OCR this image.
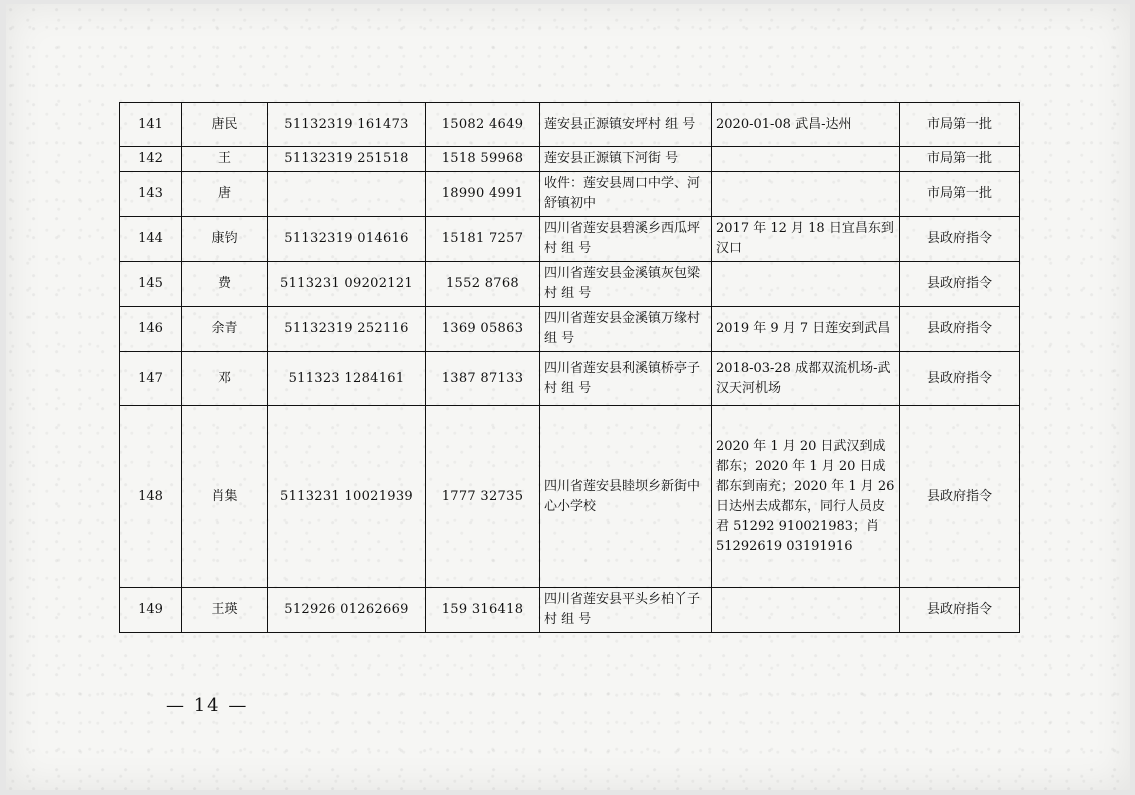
141	唐民	51132319 161473	15082 4649	莲安县正源镇安坪村 组 号	2020-01-08 武昌-达州	市局第一批
142	王	51132319 251518	1518 59968	莲安县正源镇下河街 号		市局第一批
143	唐		18990 4991	收件：莲安县周口中学、河舒镇初中		市局第一批
144	康钧	51132319 014616	15181 7257	四川省莲安县碧溪乡西瓜坪村 组 号	2017 年 12 月 18 日宜昌东到汉口	县政府指令
145	费	5113231 09202121	1552 8768	四川省莲安县金溪镇灰包梁村 组 号		县政府指令
146	余青	51132319 252116	1369 05863	四川省莲安县金溪镇万缘村 组 号	2019 年 9 月 7 日莲安到武昌	县政府指令
147	邓	511323 1284161	1387 87133	四川省莲安县利溪镇桥亭子村 组 号	2018-03-28 成都双流机场-武汉天河机场	县政府指令
148	肖集	5113231 10021939	1777 32735	四川省莲安县睦坝乡新街中心小学校	2020 年 1 月 20 日武汉到成都东；2020 年 1 月 20 日成都东到南充；2020 年 1 月 26 日达州去成都东，同行人员皮 君 51292 910021983；肖 51292619 03191916	县政府指令
149	王瑛	512926 01262669	159 316418	四川省莲安县平头乡柏丫子村 组 号		县政府指令
— 14 —
